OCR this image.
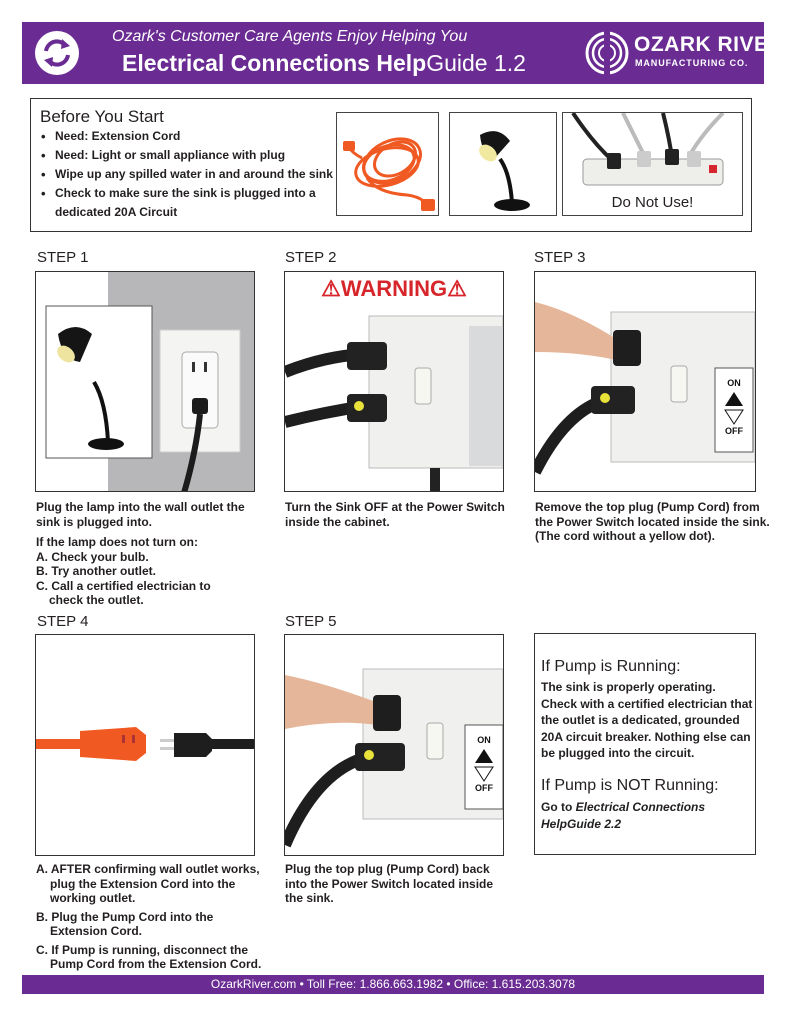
Ozark's Customer Care Agents Enjoy Helping You
Electrical Connections HelpGuide 1.2
OZARK RIVER
MANUFACTURING CO.
Before You Start
• Need: Extension Cord
• Need: Light or small appliance with plug
• Wipe up any spilled water in and around the sink
• Check to make sure the sink is plugged into a dedicated 20A Circuit
Do Not Use!
STEP 1

Plug the lamp into the wall outlet the sink is plugged into.

If the lamp does not turn on:

A. Check your bulb.

B. Try another outlet.

C. Call a certified electrician to

check the outlet.

STEP 2
⚠WARNING⚠
Turn the Sink OFF at the Power Switch inside the cabinet.
STEP 3
ON
OFF
Remove the top plug (Pump Cord) from the Power Switch located inside the sink. (The cord without a yellow dot).
STEP 4

A. AFTER confirming wall outlet works, plug the Extension Cord into the working outlet.

B. Plug the Pump Cord into the Extension Cord.

C. If Pump is running, disconnect the Pump Cord from the Extension Cord.

STEP 5
ON
OFF
Plug the top plug (Pump Cord) back into the Power Switch located inside the sink.
If Pump is Running:
The sink is properly operating. Check with a certified electrician that the outlet is a dedicated, grounded 20A circuit breaker. Nothing else can be plugged into the circuit.
If Pump is NOT Running:
Go to Electrical Connections HelpGuide 2.2
OzarkRiver.com • Toll Free: 1.866.663.1982 • Office: 1.615.203.3078
